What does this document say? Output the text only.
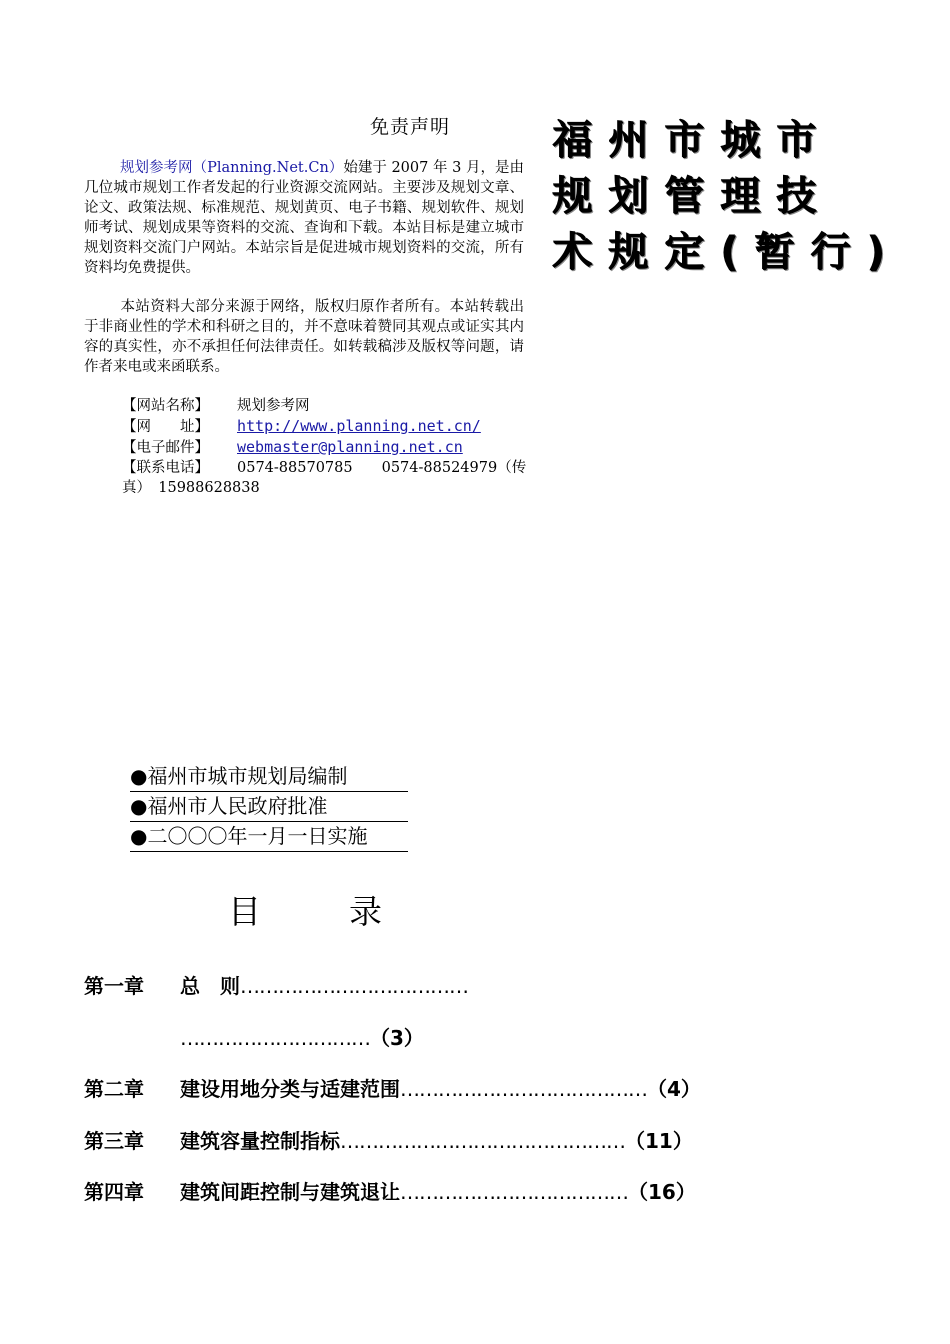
免责声明
规划参考网（Planning.Net.Cn）始建于 2007 年 3 月，是由几位城市规划工作者发起的行业资源交流网站。主要涉及规划文章、论文、政策法规、标准规范、规划黄页、电子书籍、规划软件、规划师考试、规划成果等资料的交流、查询和下载。本站目标是建立城市规划资料交流门户网站。本站宗旨是促进城市规划资料的交流，所有资料均免费提供。
本站资料大部分来源于网络，版权归原作者所有。本站转载出于非商业性的学术和科研之目的，并不意味着赞同其观点或证实其内容的真实性，亦不承担任何法律责任。如转载稿涉及版权等问题，请作者来电或来函联系。
【网站名称】 规划参考网
【网　　址】 http://www.planning.net.cn/
【电子邮件】 webmaster@planning.net.cn
【联系电话】 0574-88570785　　0574-88524979（传
真）　15988628838
福州市城市
规划管理技
术规定(暂行)
●福州市城市规划局编制
●福州市人民政府批准
●二〇〇〇年一月一日实施
目	录
第一章 总　则………………………………
…………………………（3）
第二章 建设用地分类与适建范围…………………………………（4）
第三章 建筑容量控制指标………………………………………（11）
第四章 建筑间距控制与建筑退让………………………………（16）
